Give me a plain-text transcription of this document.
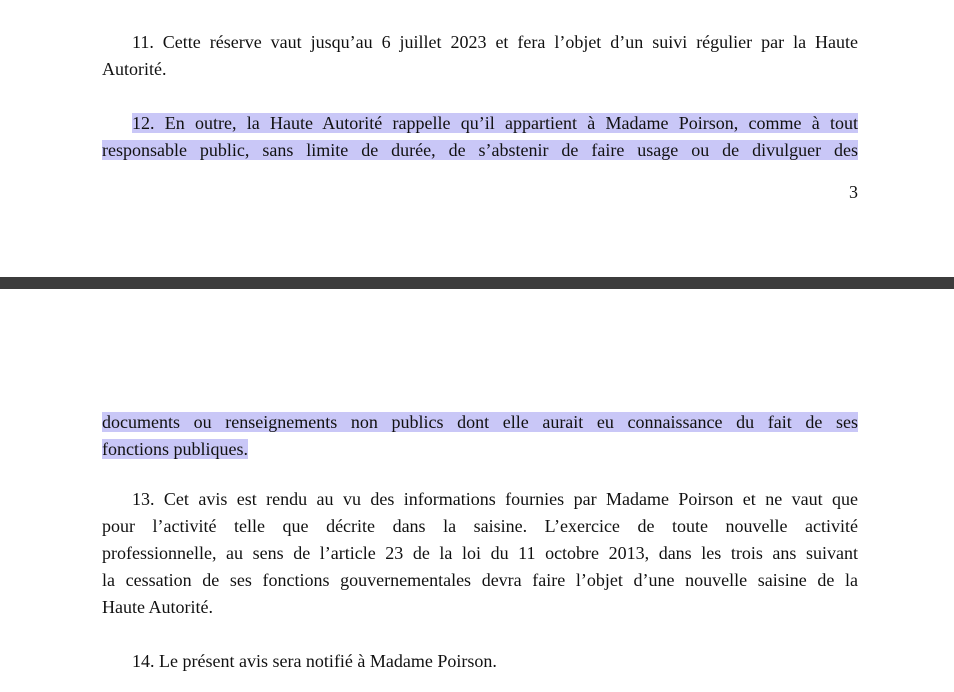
11. Cette réserve vaut jusqu’au 6 juillet 2023 et fera l’objet d’un suivi régulier par la Haute
Autorité.
12. En outre, la Haute Autorité rappelle qu’il appartient à Madame Poirson, comme à tout
responsable public, sans limite de durée, de s’abstenir de faire usage ou de divulguer des
3
documents ou renseignements non publics dont elle aurait eu connaissance du fait de ses
fonctions publiques.
13. Cet avis est rendu au vu des informations fournies par Madame Poirson et ne vaut que
pour l’activité telle que décrite dans la saisine. L’exercice de toute nouvelle activité
professionnelle, au sens de l’article 23 de la loi du 11 octobre 2013, dans les trois ans suivant
la cessation de ses fonctions gouvernementales devra faire l’objet d’une nouvelle saisine de la
Haute Autorité.
14. Le présent avis sera notifié à Madame Poirson.
